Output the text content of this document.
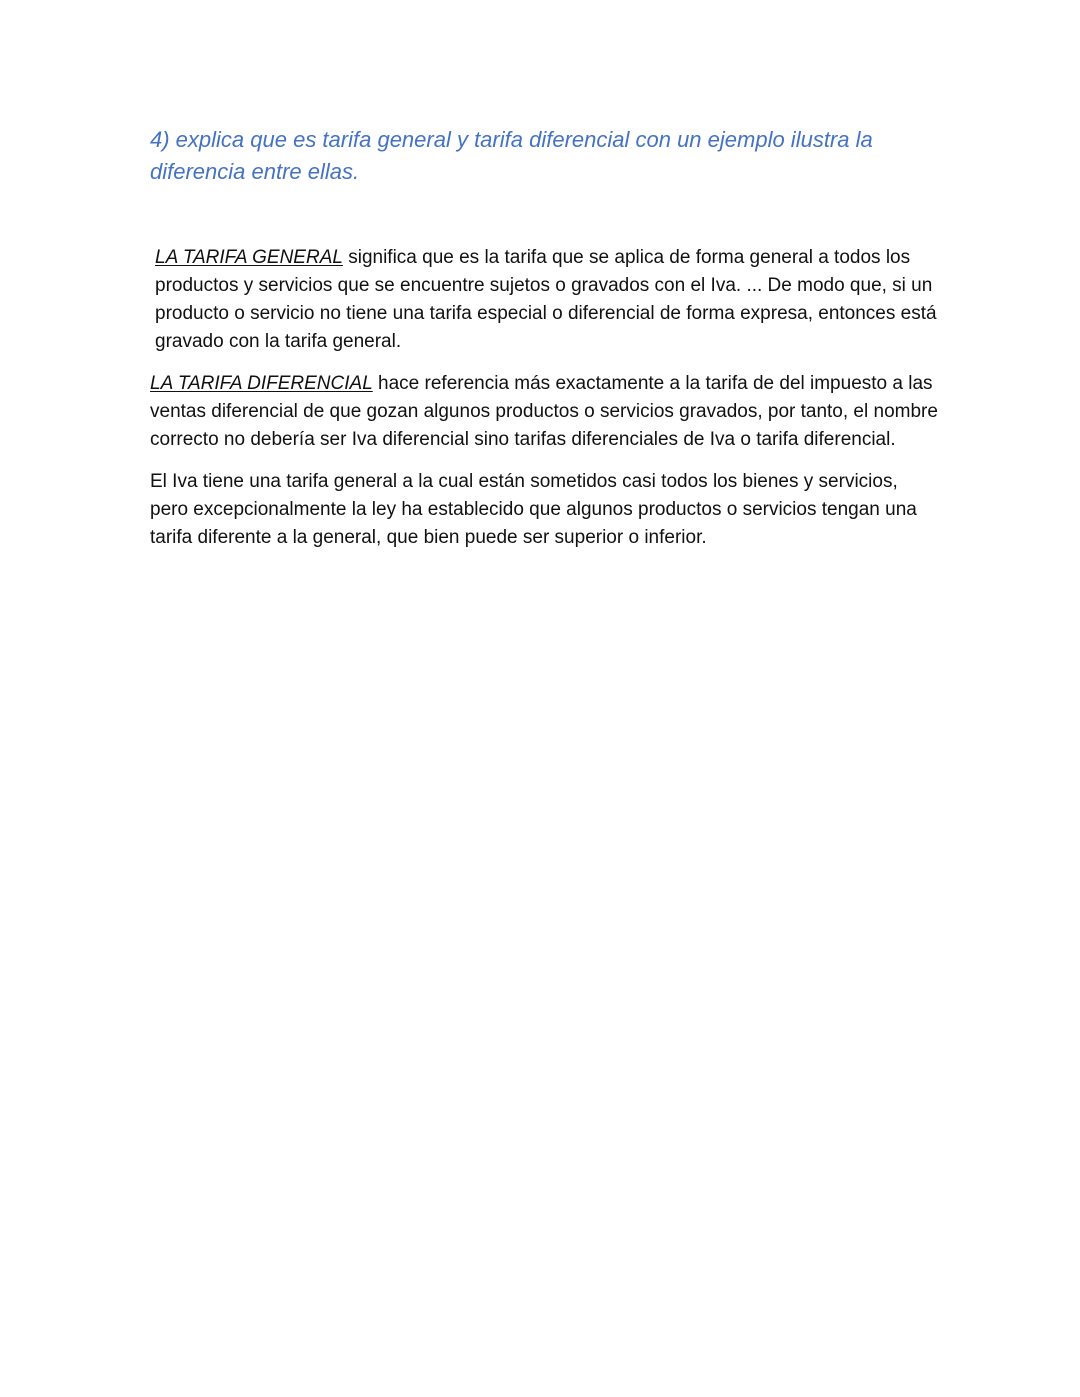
4) explica que es tarifa general y tarifa diferencial con un ejemplo ilustra la diferencia entre ellas.

LA TARIFA GENERAL significa que es la tarifa que se aplica de forma general a todos los productos y servicios que se encuentre sujetos o gravados con el Iva. ... De modo que, si un producto o servicio no tiene una tarifa especial o diferencial de forma expresa, entonces está gravado con la tarifa general.

LA TARIFA DIFERENCIAL hace referencia más exactamente a la tarifa de del impuesto a las ventas diferencial de que gozan algunos productos o servicios gravados, por tanto, el nombre correcto no debería ser Iva diferencial sino tarifas diferenciales de Iva o tarifa diferencial.

El Iva tiene una tarifa general a la cual están sometidos casi todos los bienes y servicios, pero excepcionalmente la ley ha establecido que algunos productos o servicios tengan una tarifa diferente a la general, que bien puede ser superior o inferior.
